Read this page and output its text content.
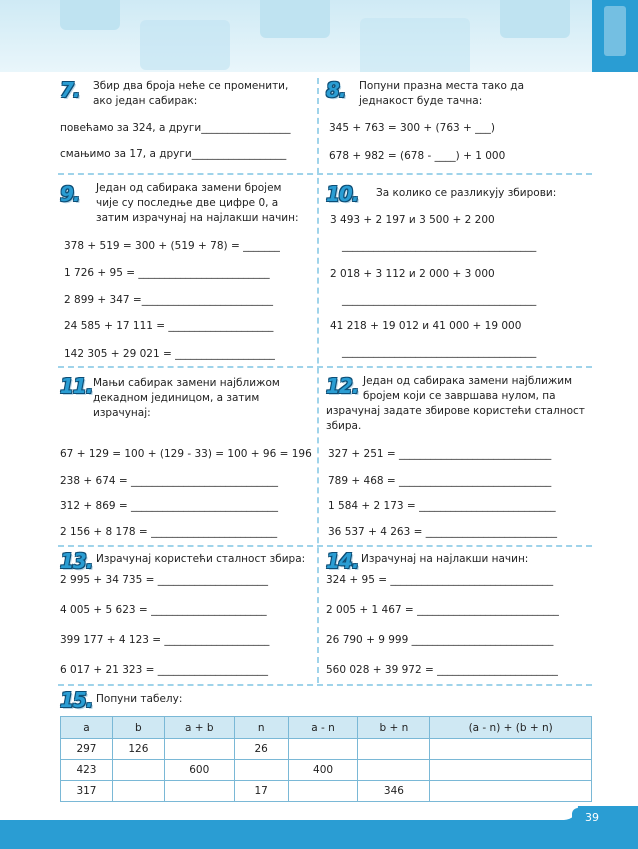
7. Збир два броја неће се променити,
ако један сабирак:
повећамо за 324, а други_________________
смањимо за 17, а други__________________
8. Попуни празна места тако да
једнакост буде тачна:
345 + 763 = 300 + (763 + ___)
678 + 982 = (678 - ____) + 1 000
9. Један од сабирака замени бројем
чије су последње две цифре 0, а
затим израчунај на најлакши начин:
378 + 519 = 300 + (519 + 78) = _______
1 726 + 95 = _________________________
2 899 + 347 =_________________________
24 585 + 17 111 = ____________________
142 305 + 29 021 = ___________________
10. За колико се разликују збирови:
3 493 + 2 197 и 3 500 + 2 200
_____________________________________
2 018 + 3 112 и 2 000 + 3 000
_____________________________________
41 218 + 19 012 и 41 000 + 19 000
_____________________________________
11. Мањи сабирак замени најближом
декадном јединицом, а затим
израчунај:
67 + 129 = 100 + (129 - 33) = 100 + 96 = 196
238 + 674 = ____________________________
312 + 869 = ____________________________
2 156 + 8 178 = ________________________
12. Један од сабирака замени најближим
бројем који се завршава нулом, па
израчунај задате збирове користећи сталност
збира.
327 + 251 = _____________________________
789 + 468 = _____________________________
1 584 + 2 173 = __________________________
36 537 + 4 263 = _________________________
13. Израчунај користећи сталност збира:
2 995 + 34 735 = _____________________
4 005 + 5 623 = ______________________
399 177 + 4 123 = ____________________
6 017 + 21 323 = _____________________
14. Израчунај на најлакши начин:
324 + 95 = _______________________________
2 005 + 1 467 = ___________________________
26 790 + 9 999 ___________________________
560 028 + 39 972 = _______________________
15. Попуни табелу:
a	b	a + b	n	a - n	b + n	(a - n) + (b + n)
297	126		26			
423		600		400		
317			17		346	
39
